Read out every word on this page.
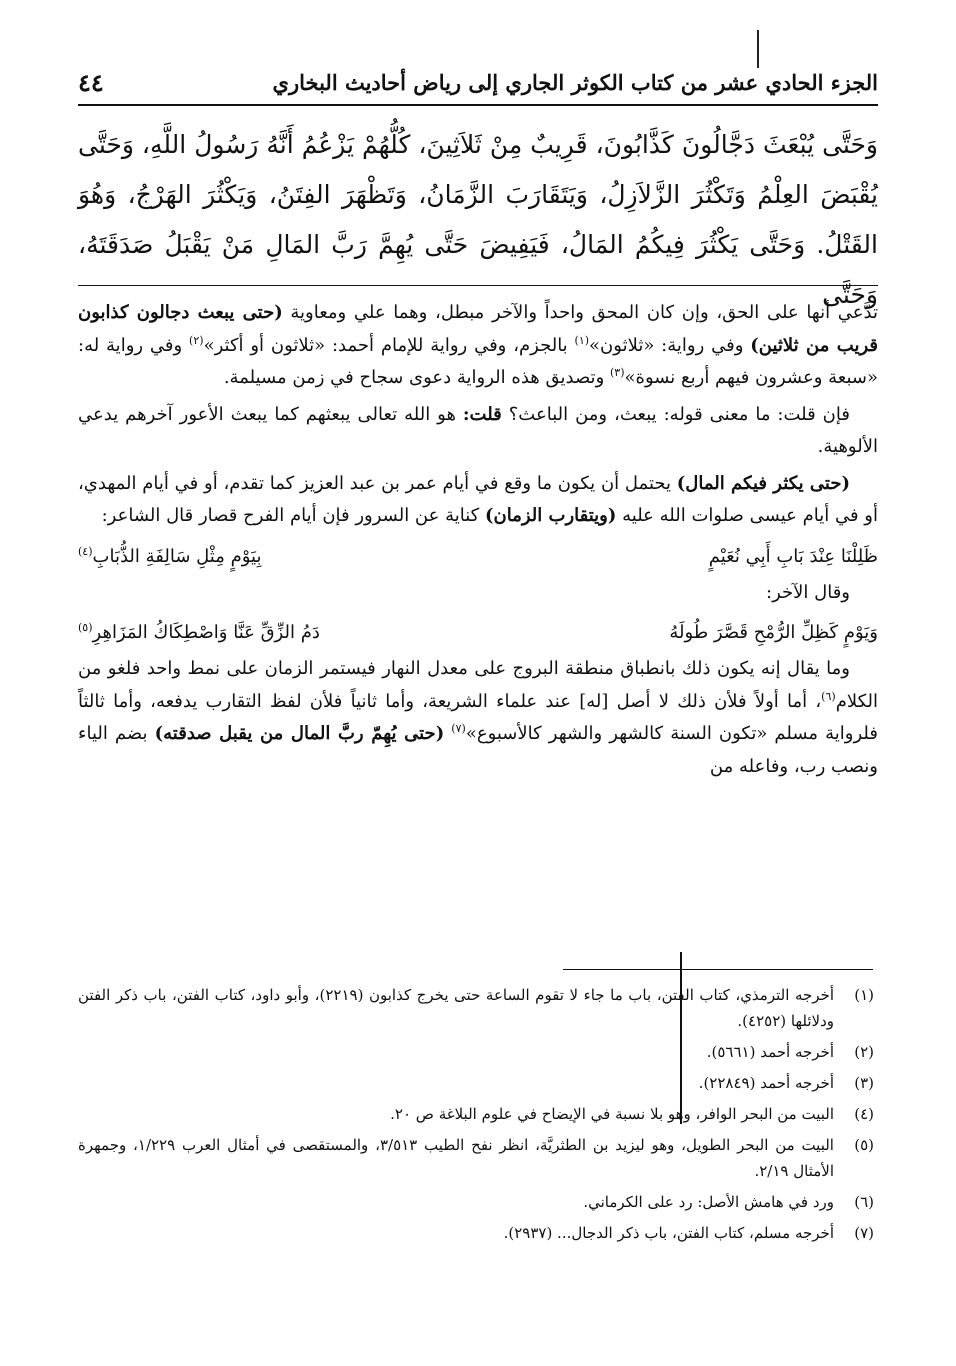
٤٤	الجزء الحادي عشر من كتاب الكوثر الجاري إلى رياض أحاديث البخاري
وَحَتَّى يُبْعَثَ دَجَّالُونَ كَذَّابُونَ، قَرِيبٌ مِنْ ثَلاَثِينَ، كُلُّهُمْ يَزْعُمُ أَنَّهُ رَسُولُ اللَّهِ، وَحَتَّى
يُقْبَضَ العِلْمُ وَتَكْثُرَ الزَّلاَزِلُ، وَيَتَقَارَبَ الزَّمَانُ، وَتَظْهَرَ الفِتَنُ، وَيَكْثُرَ الهَرْجُ، وَهُوَ
القَتْلُ. وَحَتَّى يَكْثُرَ فِيكُمُ المَالُ، فَيَفِيضَ حَتَّى يُهِمَّ رَبَّ المَالِ مَنْ يَقْبَلُ صَدَقَتَهُ، وَحَتَّى

تدَّعي أنها على الحق، وإن كان المحق واحداً والآخر مبطل، وهما علي ومعاوية (حتى يبعث دجالون كذابون قريب من ثلاثين) وفي رواية: «ثلاثون»$^{(١)}$ بالجزم، وفي رواية للإمام أحمد: «ثلاثون أو أكثر»$^{(٢)}$ وفي رواية له: «سبعة وعشرون فيهم أربع نسوة»$^{(٣)}$ وتصديق هذه الرواية دعوى سجاح في زمن مسيلمة.

فإن قلت: ما معنى قوله: يبعث، ومن الباعث؟ قلت: هو الله تعالى يبعثهم كما يبعث الأعور آخرهم يدعي الألوهية.

(حتى يكثر فيكم المال) يحتمل أن يكون ما وقع في أيام عمر بن عبد العزيز كما تقدم، أو في أيام المهدي، أو في أيام عيسى صلوات الله عليه (ويتقارب الزمان) كناية عن السرور فإن أيام الفرح قصار قال الشاعر:

ظَلِلْنَا عِنْدَ بَابِ أَبِي نُعَيْمٍ
بِيَوْمٍ مِثْلِ سَالِفَةِ الذُّبَابِ$^{(٤)}$

وقال الآخر:

وَيَوْمٍ كَظِلِّ الرُّمْحِ قَصَّرَ طُولَهُ
دَمُ الزِّقِّ عَنَّا وَاصْطِكَاكُ المَزَاهِرِ$^{(٥)}$

وما يقال إنه يكون ذلك بانطباق منطقة البروج على معدل النهار فيستمر الزمان على نمط واحد فلغو من الكلام$^{(٦)}$، أما أولاً فلأن ذلك لا أصل [له] عند علماء الشريعة، وأما ثانياً فلأن لفظ التقارب يدفعه، وأما ثالثاً فلرواية مسلم «تكون السنة كالشهر والشهر كالأسبوع»$^{(٧)}$ (حتى يُهِمّ ربَّ المال من يقبل صدقته) بضم الياء ونصب رب، وفاعله من

(١)
أخرجه الترمذي، كتاب الفتن، باب ما جاء لا تقوم الساعة حتى يخرج كذابون (٢٢١٩)، وأبو داود، كتاب الفتن، باب ذكر الفتن ودلائلها (٤٢٥٢).
(٢)
أخرجه أحمد (٥٦٦١).
(٣)
أخرجه أحمد (٢٢٨٤٩).
(٤)
البيت من البحر الوافر، وهو بلا نسبة في الإيضاح في علوم البلاغة ص ٢٠.
(٥)
البيت من البحر الطويل، وهو ليزيد بن الطثريَّة، انظر نفح الطيب ٣/٥١٣، والمستقصى في أمثال العرب ١/٢٢٩، وجمهرة الأمثال ٢/١٩.
(٦)
ورد في هامش الأصل: رد على الكرماني.
(٧)
أخرجه مسلم، كتاب الفتن، باب ذكر الدجال... (٢٩٣٧).
